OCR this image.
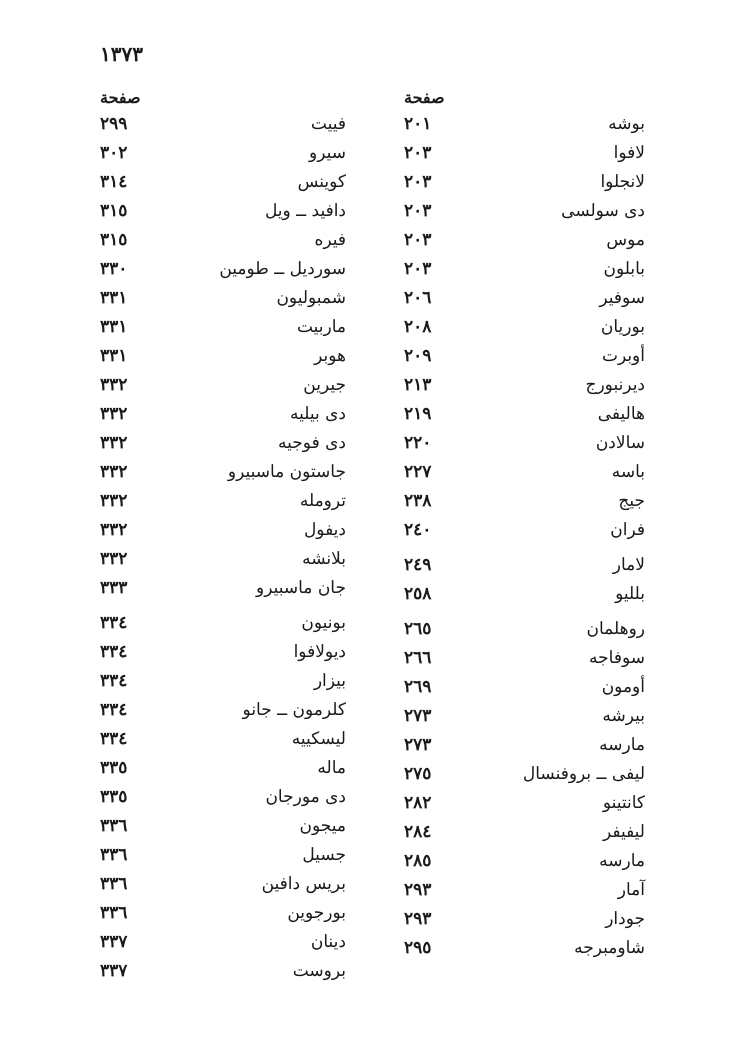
١٣٧٣
صفحة	صفحة
بوشه
٢٠١
لافوا
٢٠٣
لانجلوا
٢٠٣
دی سولسی
٢٠٣
موس
٢٠٣
بابلون
٢٠٣
سوفیر
٢٠٦
بوریان
٢٠٨
أوبرت
٢٠٩
دیرنبورج
٢١٣
هالیفی
٢١٩
سالادن
٢٢٠
باسه
٢٢٧
جیج
٢٣٨
فران
٢٤٠
لامار
٢٤٩
بلليو
٢٥٨
روهلمان
٢٦٥
سوفاجه
٢٦٦
أومون
٢٦٩
بیرشه
٢٧٣
مارسه
٢٧٣
لیفی ــ بروفنسال
٢٧٥
كانتینو
٢٨٢
لیفیفر
٢٨٤
مارسه
٢٨٥
آمار
٢٩٣
جودار
٢٩٣
شاومبرجه
٢٩٥
فییت
٢٩٩
سیرو
٣٠٢
كوینس
٣١٤
دافید ــ ویل
٣١٥
فیره
٣١٥
سوردیل ــ طومین
٣٣٠
شمبولیون
٣٣١
ماربیت
٣٣١
هوبر
٣٣١
جیرین
٣٣٢
دی بیلیه
٣٣٢
دی فوجیه
٣٣٢
جاستون ماسبیرو
٣٣٢
ترومله
٣٣٢
دیفول
٣٣٢
بلانشه
٣٣٢
جان ماسبیرو
٣٣٣
بونیون
٣٣٤
دیولافوا
٣٣٤
بیزار
٣٣٤
كلرمون ــ جانو
٣٣٤
لیسكییه
٣٣٤
ماله
٣٣٥
دی مورجان
٣٣٥
میجون
٣٣٦
جسیل
٣٣٦
بریس دافین
٣٣٦
بورجوین
٣٣٦
دینان
٣٣٧
بروست
٣٣٧
